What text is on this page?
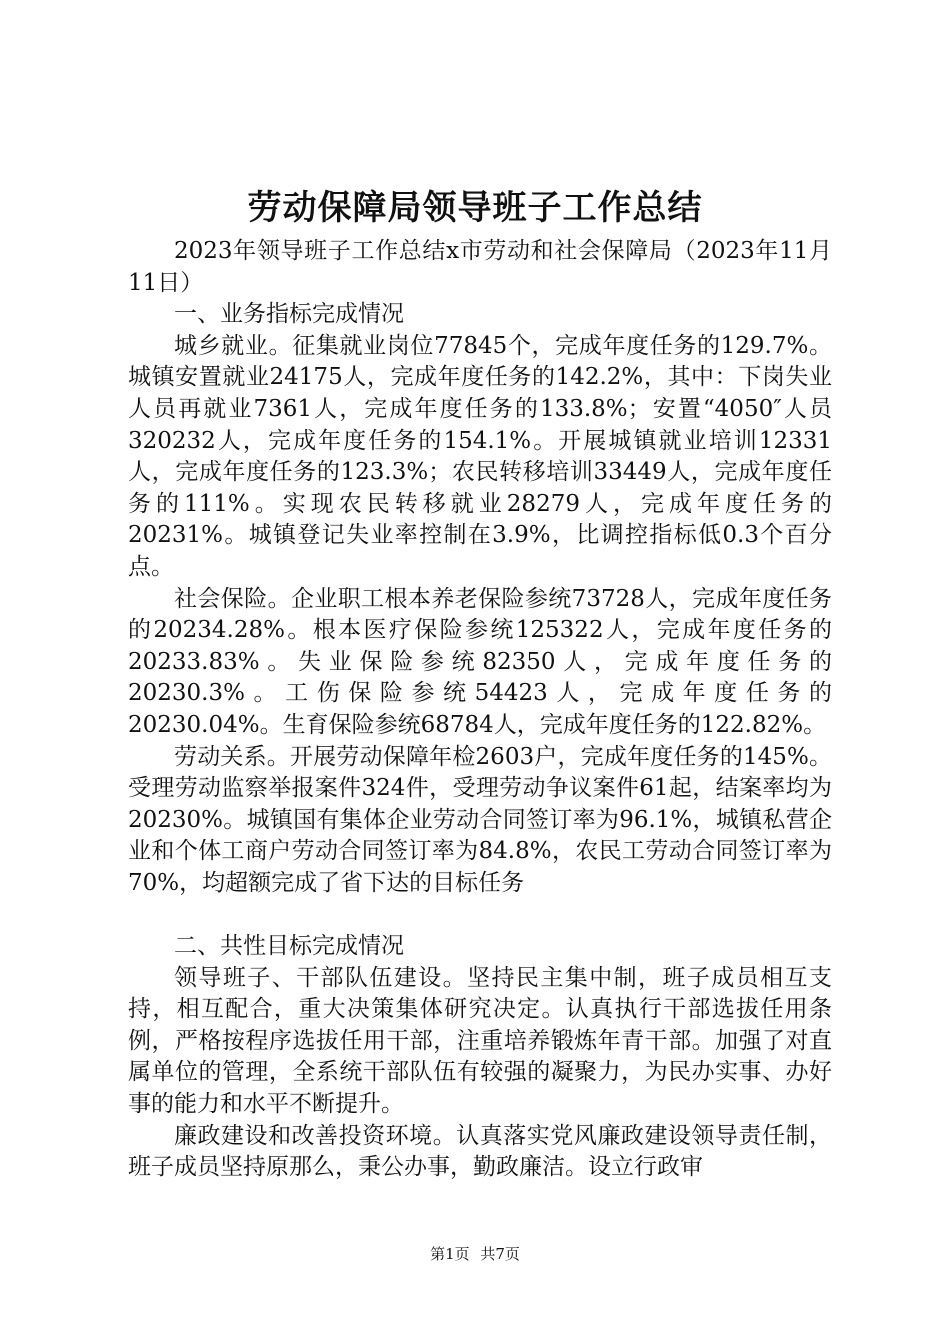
劳动保障局领导班子工作总结

2023年领导班子工作总结x市劳动和社会保障局（2023年11月11日）

一、业务指标完成情况

城乡就业。征集就业岗位77845个，完成年度任务的129.7%。城镇安置就业24175人，完成年度任务的142.2%，其中：下岗失业人员再就业7361人，完成年度任务的133.8%；安置“4050″人员320232人，完成年度任务的154.1%。开展城镇就业培训12331人，完成年度任务的123.3%；农民转移培训33449人，完成年度任务的111%。实现农民转移就业28279人，完成年度任务的20231%。城镇登记失业率控制在3.9%，比调控指标低0.3个百分点。

社会保险。企业职工根本养老保险参统73728人，完成年度任务的20234.28%。根本医疗保险参统125322人，完成年度任务的20233.83%。失业保险参统82350人，完成年度任务的20230.3%。工伤保险参统54423人，完成年度任务的20230.04%。生育保险参统68784人，完成年度任务的122.82%。

劳动关系。开展劳动保障年检2603户，完成年度任务的145%。受理劳动监察举报案件324件，受理劳动争议案件61起，结案率均为20230%。城镇国有集体企业劳动合同签订率为96.1%，城镇私营企业和个体工商户劳动合同签订率为84.8%，农民工劳动合同签订率为70%，均超额完成了省下达的目标任务

二、共性目标完成情况

领导班子、干部队伍建设。坚持民主集中制，班子成员相互支持，相互配合，重大决策集体研究决定。认真执行干部选拔任用条例，严格按程序选拔任用干部，注重培养锻炼年青干部。加强了对直属单位的管理，全系统干部队伍有较强的凝聚力，为民办实事、办好事的能力和水平不断提升。

廉政建设和改善投资环境。认真落实党风廉政建设领导责任制，班子成员坚持原那么，秉公办事，勤政廉洁。设立行政审

第1页 共7页
